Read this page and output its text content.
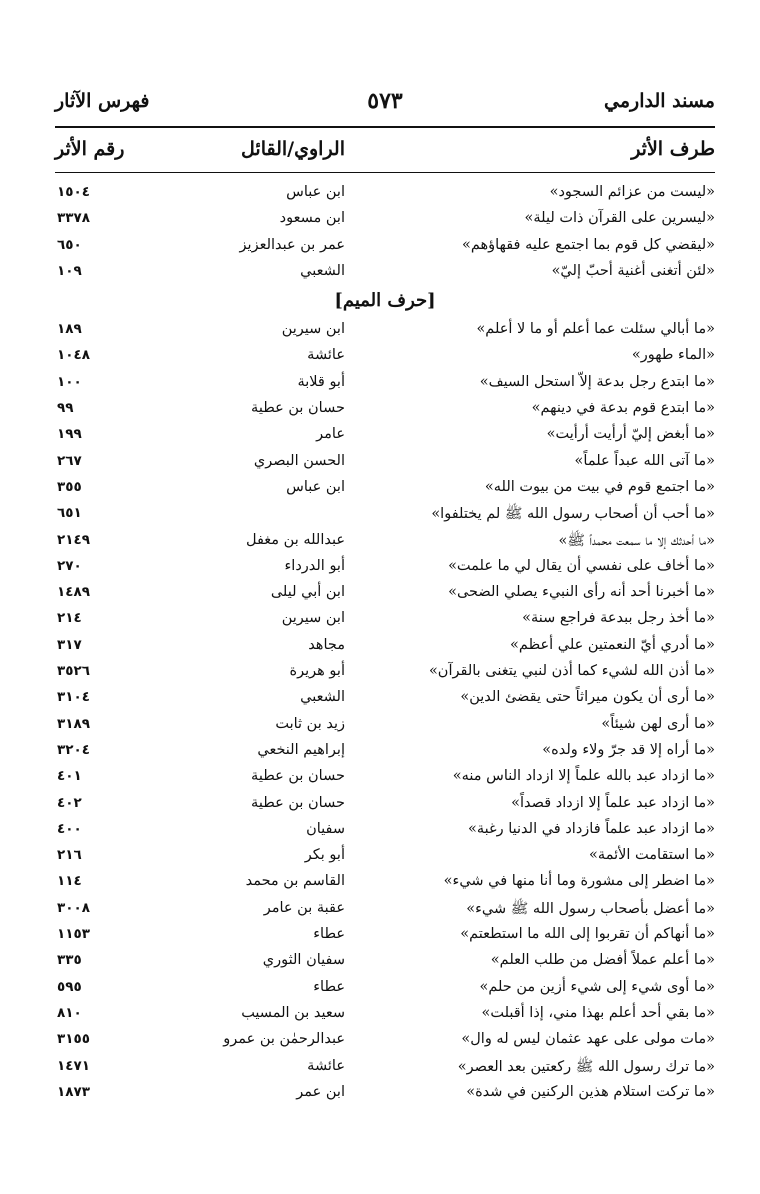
مسند الدارمي
٥٧٣
فهرس الآثار
طرف الأثر
الراوي/القائل
رقم الأثر
«ليست من عزائم السجود»
ابن عباس
١٥٠٤
«ليسرين على القرآن ذات ليلة»
ابن مسعود
٣٣٧٨
«ليقضي كل قوم بما اجتمع عليه فقهاؤهم»
عمر بن عبدالعزيز
٦٥٠
«لئن أتغنى أغنية أحبّ إليّ»
الشعبي
١٠٩
[حرف الميم]
«ما أبالي سئلت عما أعلم أو ما لا أعلم»
ابن سيرين
١٨٩
«الماء طهور»
عائشة
١٠٤٨
«ما ابتدع رجل بدعة إلاّ استحل السيف»
أبو قلابة
١٠٠
«ما ابتدع قوم بدعة في دينهم»
حسان بن عطية
٩٩
«ما أبغض إليّ أرأيت أرأيت»
عامر
١٩٩
«ما آتى الله عبداً علماً»
الحسن البصري
٢٦٧
«ما اجتمع قوم في بيت من بيوت الله»
ابن عباس
٣٥٥
«ما أحب أن أصحاب رسول الله ﷺ لم يختلفوا»
٦٥١
«ما أحدثك إلا ما سمعت محمداً ﷺ»
عبدالله بن مغفل
٢١٤٩
«ما أخاف على نفسي أن يقال لي ما علمت»
أبو الدرداء
٢٧٠
«ما أخبرنا أحد أنه رأى النبيء يصلي الضحى»
ابن أبي ليلى
١٤٨٩
«ما أخذ رجل ببدعة فراجع سنة»
ابن سيرين
٢١٤
«ما أدري أيّ النعمتين علي أعظم»
مجاهد
٣١٧
«ما أذن الله لشيء كما أذن لنبي يتغنى بالقرآن»
أبو هريرة
٣٥٢٦
«ما أرى أن يكون ميراثاً حتى يقضئ الدين»
الشعبي
٣١٠٤
«ما أرى لهن شيئاً»
زيد بن ثابت
٣١٨٩
«ما أراه إلا قد جرّ ولاء ولده»
إبراهيم النخعي
٣٢٠٤
«ما ازداد عبد بالله علماً إلا ازداد الناس منه»
حسان بن عطية
٤٠١
«ما ازداد عبد علماً إلا ازداد قصداً»
حسان بن عطية
٤٠٢
«ما ازداد عبد علماً فازداد في الدنيا رغبة»
سفيان
٤٠٠
«ما استقامت الأئمة»
أبو بكر
٢١٦
«ما اضطر إلى مشورة وما أنا منها في شيء»
القاسم بن محمد
١١٤
«ما أعضل بأصحاب رسول الله ﷺ شيء»
عقبة بن عامر
٣٠٠٨
«ما أنهاكم أن تقربوا إلى الله ما استطعتم»
عطاء
١١٥٣
«ما أعلم عملاً أفضل من طلب العلم»
سفيان الثوري
٣٣٥
«ما أوى شيء إلى شيء أزين من حلم»
عطاء
٥٩٥
«ما بقي أحد أعلم بهذا مني، إذا أقبلت»
سعيد بن المسيب
٨١٠
«مات مولى على عهد عثمان ليس له وال»
عبدالرحمٰن بن عمرو
٣١٥٥
«ما ترك رسول الله ﷺ ركعتين بعد العصر»
عائشة
١٤٧١
«ما تركت استلام هذين الركنين في شدة»
ابن عمر
١٨٧٣
